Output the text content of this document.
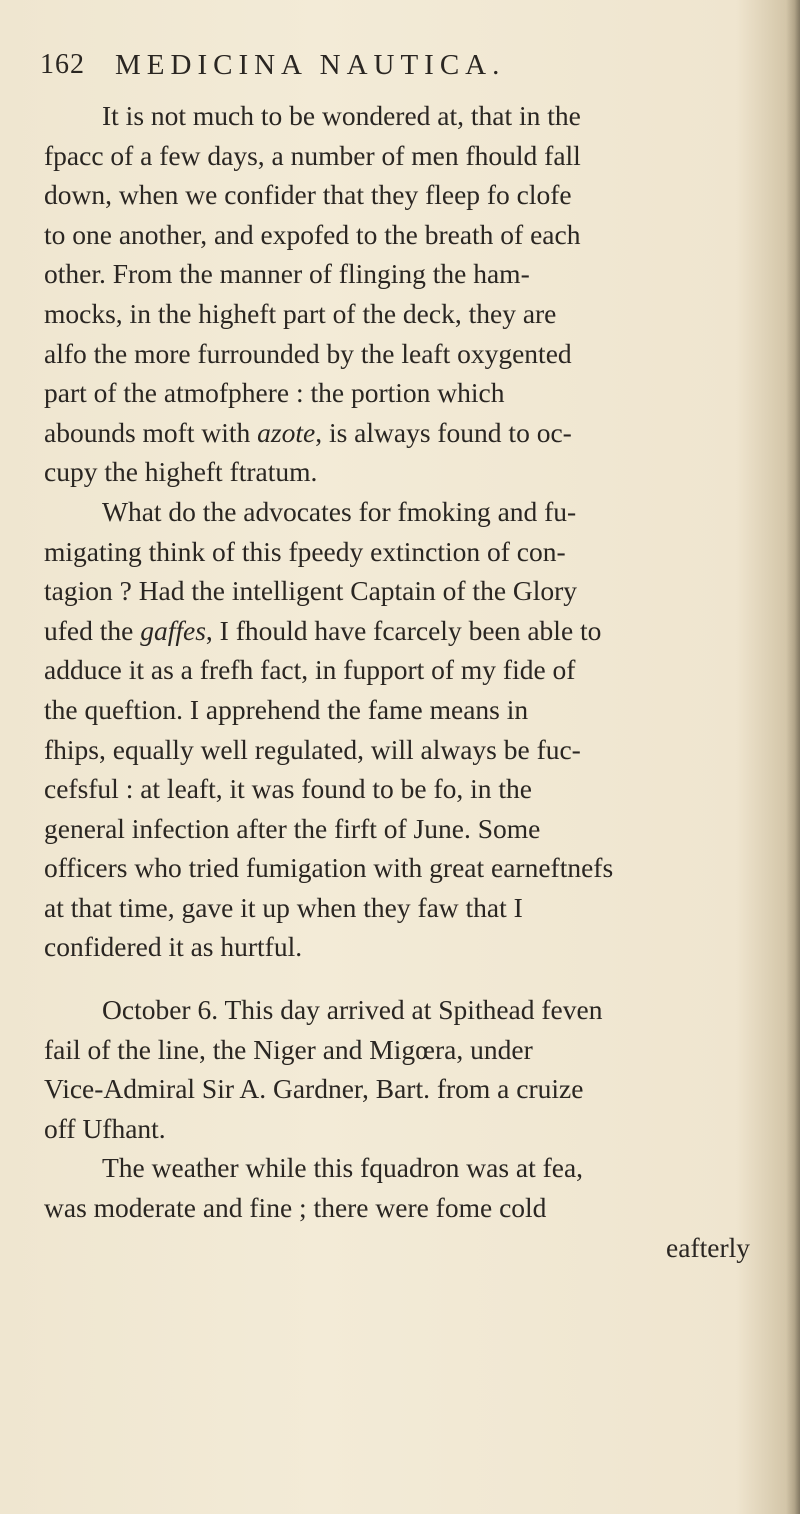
162 MEDICINA NAUTICA.
It is not much to be wondered at, that in the
fpacc of a few days, a number of men fhould fall
down, when we confider that they fleep fo clofe
to one another, and expofed to the breath of each
other. From the manner of flinging the ham-
mocks, in the higheft part of the deck, they are
alfo the more furrounded by the leaft oxygented
part of the atmofphere : the portion which
abounds moft with azote, is always found to oc-
cupy the higheft ftratum.
What do the advocates for fmoking and fu-
migating think of this fpeedy extinction of con-
tagion ? Had the intelligent Captain of the Glory
ufed the gaffes, I fhould have fcarcely been able to
adduce it as a frefh fact, in fupport of my fide of
the queftion. I apprehend the fame means in
fhips, equally well regulated, will always be fuc-
cefsful : at leaft, it was found to be fo, in the
general infection after the firft of June. Some
officers who tried fumigation with great earneftnefs
at that time, gave it up when they faw that I
confidered it as hurtful.
October 6. This day arrived at Spithead feven
fail of the line, the Niger and Migœra, under
Vice-Admiral Sir A. Gardner, Bart. from a cruize
off Ufhant.
The weather while this fquadron was at fea,
was moderate and fine ; there were fome cold
eafterly
